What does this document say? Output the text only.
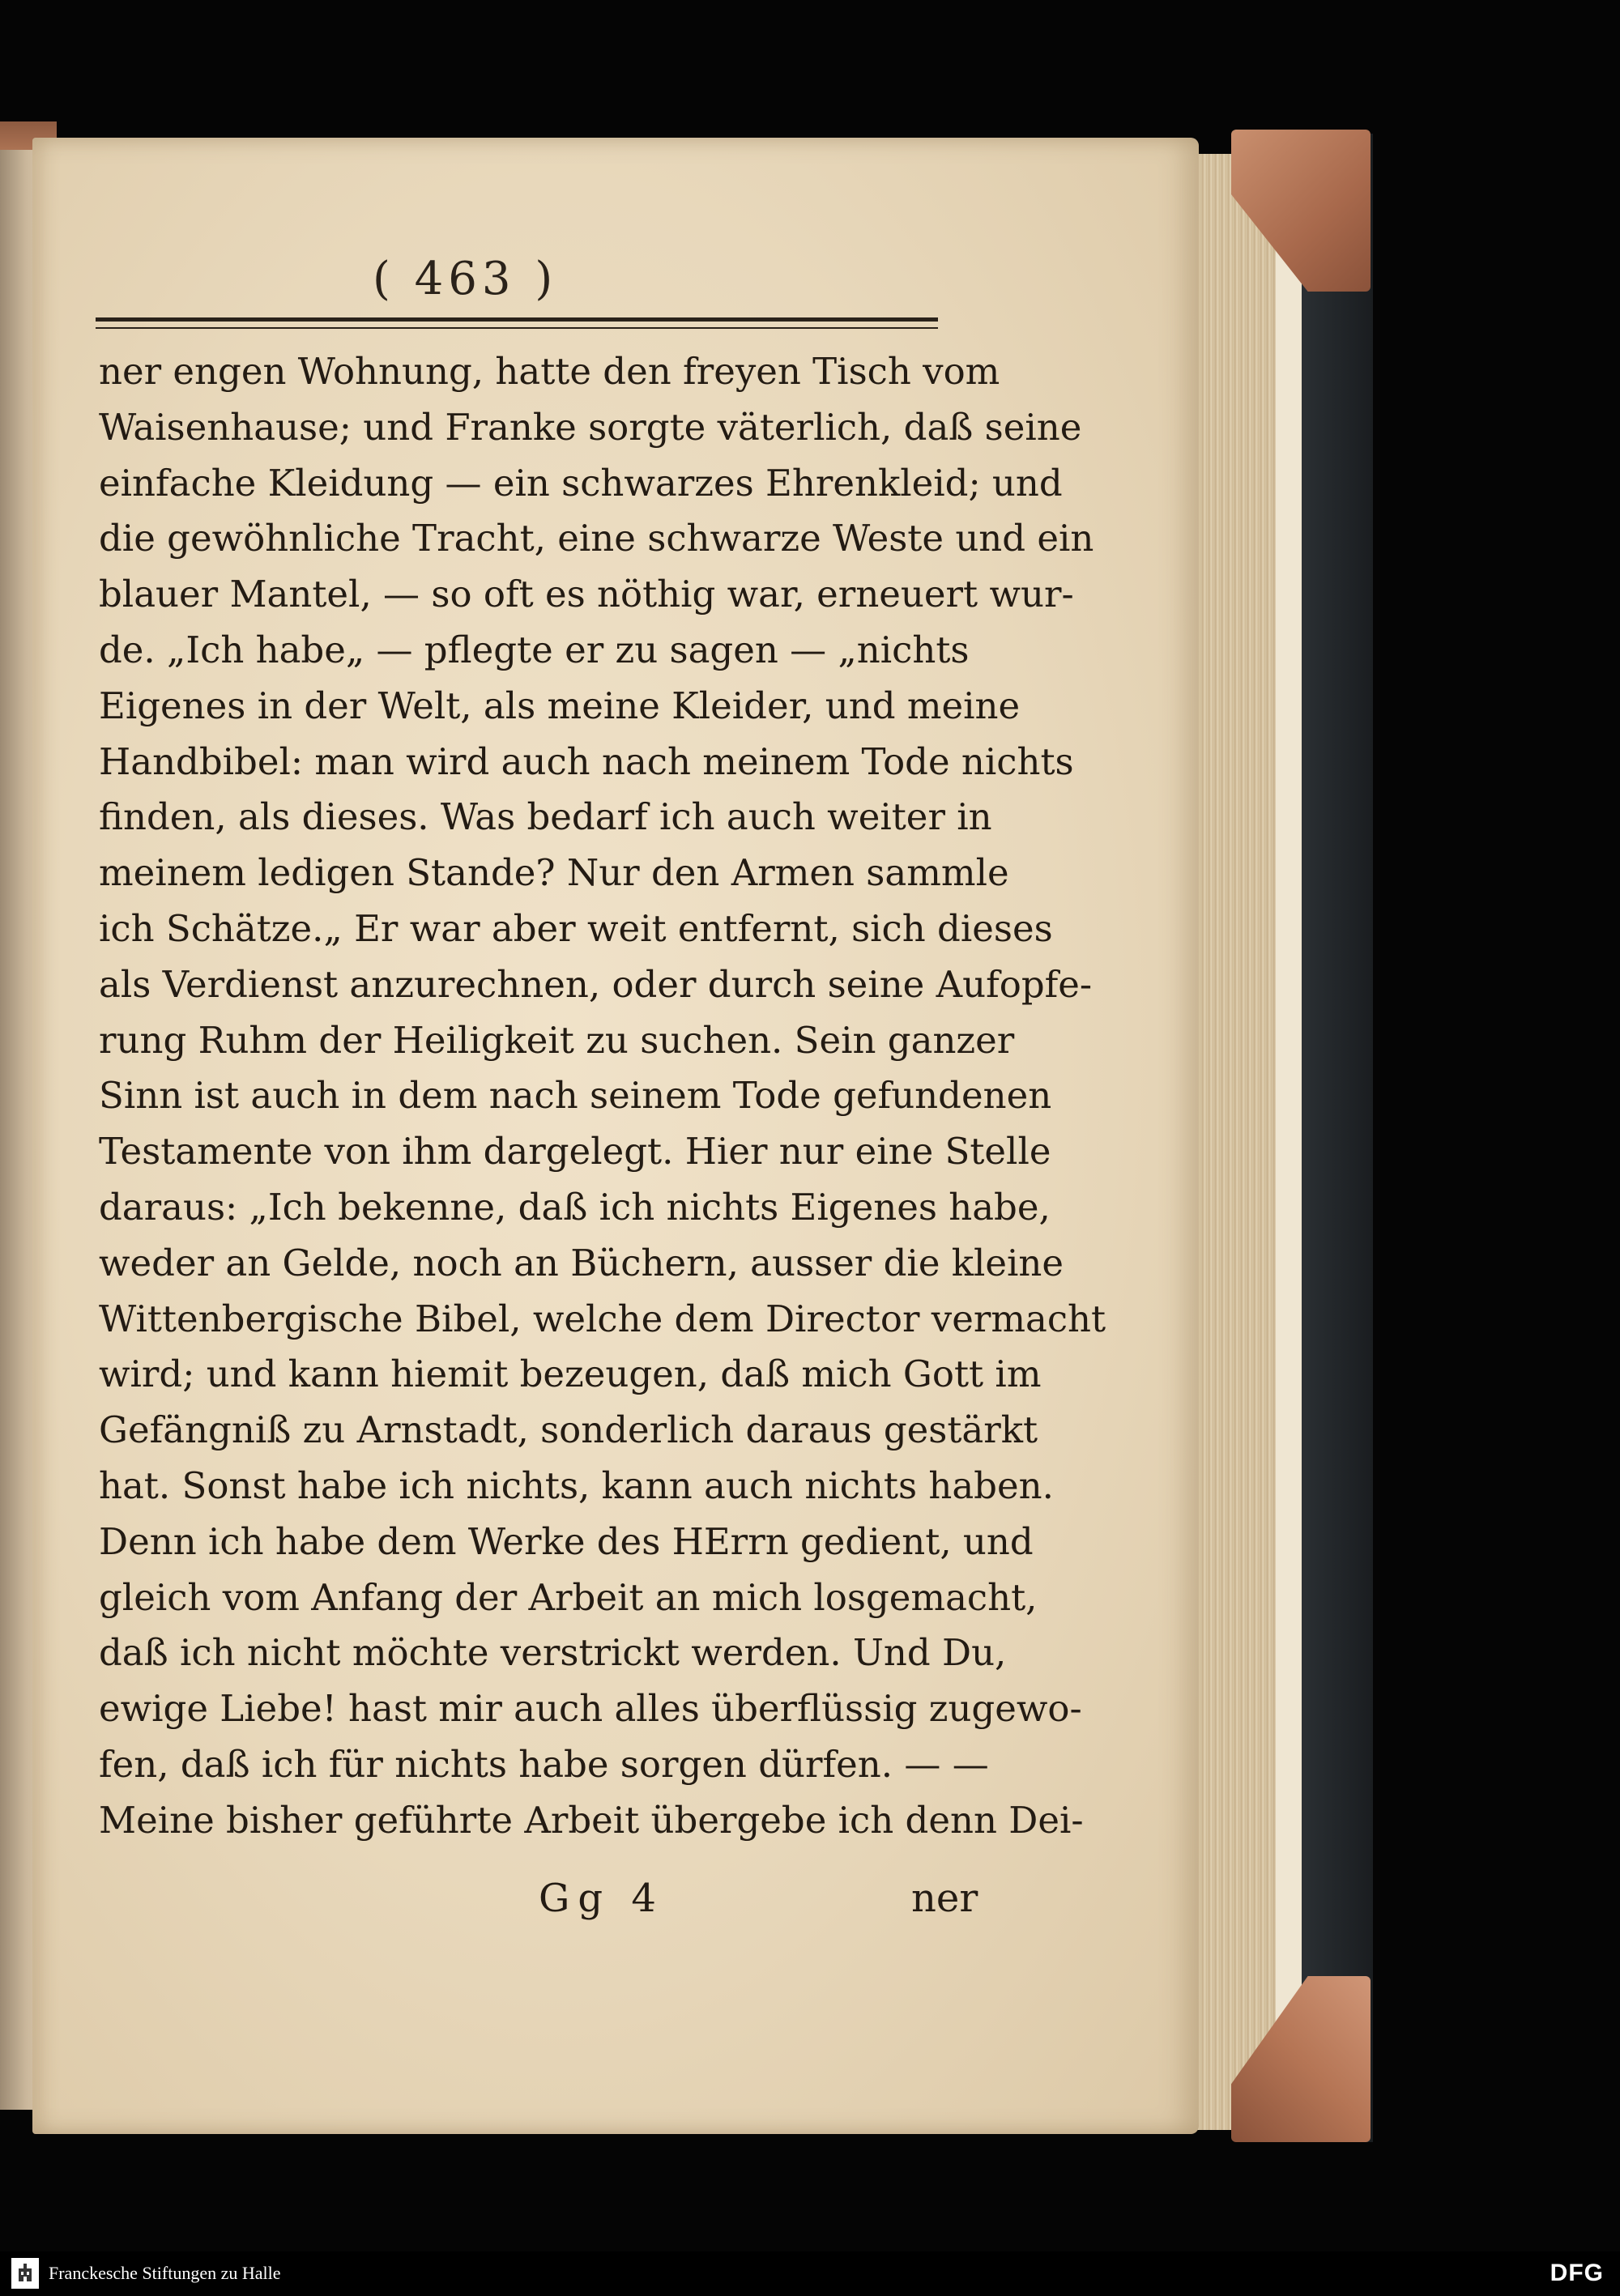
( 463 )
ner engen Wohnung, hatte den freyen Tisch vom
Waisenhause; und Franke sorgte väterlich, daß seine
einfache Kleidung — ein schwarzes Ehrenkleid; und
die gewöhnliche Tracht, eine schwarze Weste und ein
blauer Mantel, — so oft es nöthig war, erneuert wur-
de. „Ich habe„ — pflegte er zu sagen — „nichts
Eigenes in der Welt, als meine Kleider, und meine
Handbibel: man wird auch nach meinem Tode nichts
finden, als dieses. Was bedarf ich auch weiter in
meinem ledigen Stande? Nur den Armen sammle
ich Schätze.„ Er war aber weit entfernt, sich dieses
als Verdienst anzurechnen, oder durch seine Aufopfe-
rung Ruhm der Heiligkeit zu suchen. Sein ganzer
Sinn ist auch in dem nach seinem Tode gefundenen
Testamente von ihm dargelegt. Hier nur eine Stelle
daraus: „Ich bekenne, daß ich nichts Eigenes habe,
weder an Gelde, noch an Büchern, ausser die kleine
Wittenbergische Bibel, welche dem Director vermacht
wird; und kann hiemit bezeugen, daß mich Gott im
Gefängniß zu Arnstadt, sonderlich daraus gestärkt
hat. Sonst habe ich nichts, kann auch nichts haben.
Denn ich habe dem Werke des HErrn gedient, und
gleich vom Anfang der Arbeit an mich losgemacht,
daß ich nicht möchte verstrickt werden. Und Du,
ewige Liebe! hast mir auch alles überflüssig zugewo-
fen, daß ich für nichts habe sorgen dürfen. — —
Meine bisher geführte Arbeit übergebe ich denn Dei-
Gg 4	ner
Franckesche Stiftungen zu Halle	DFG
